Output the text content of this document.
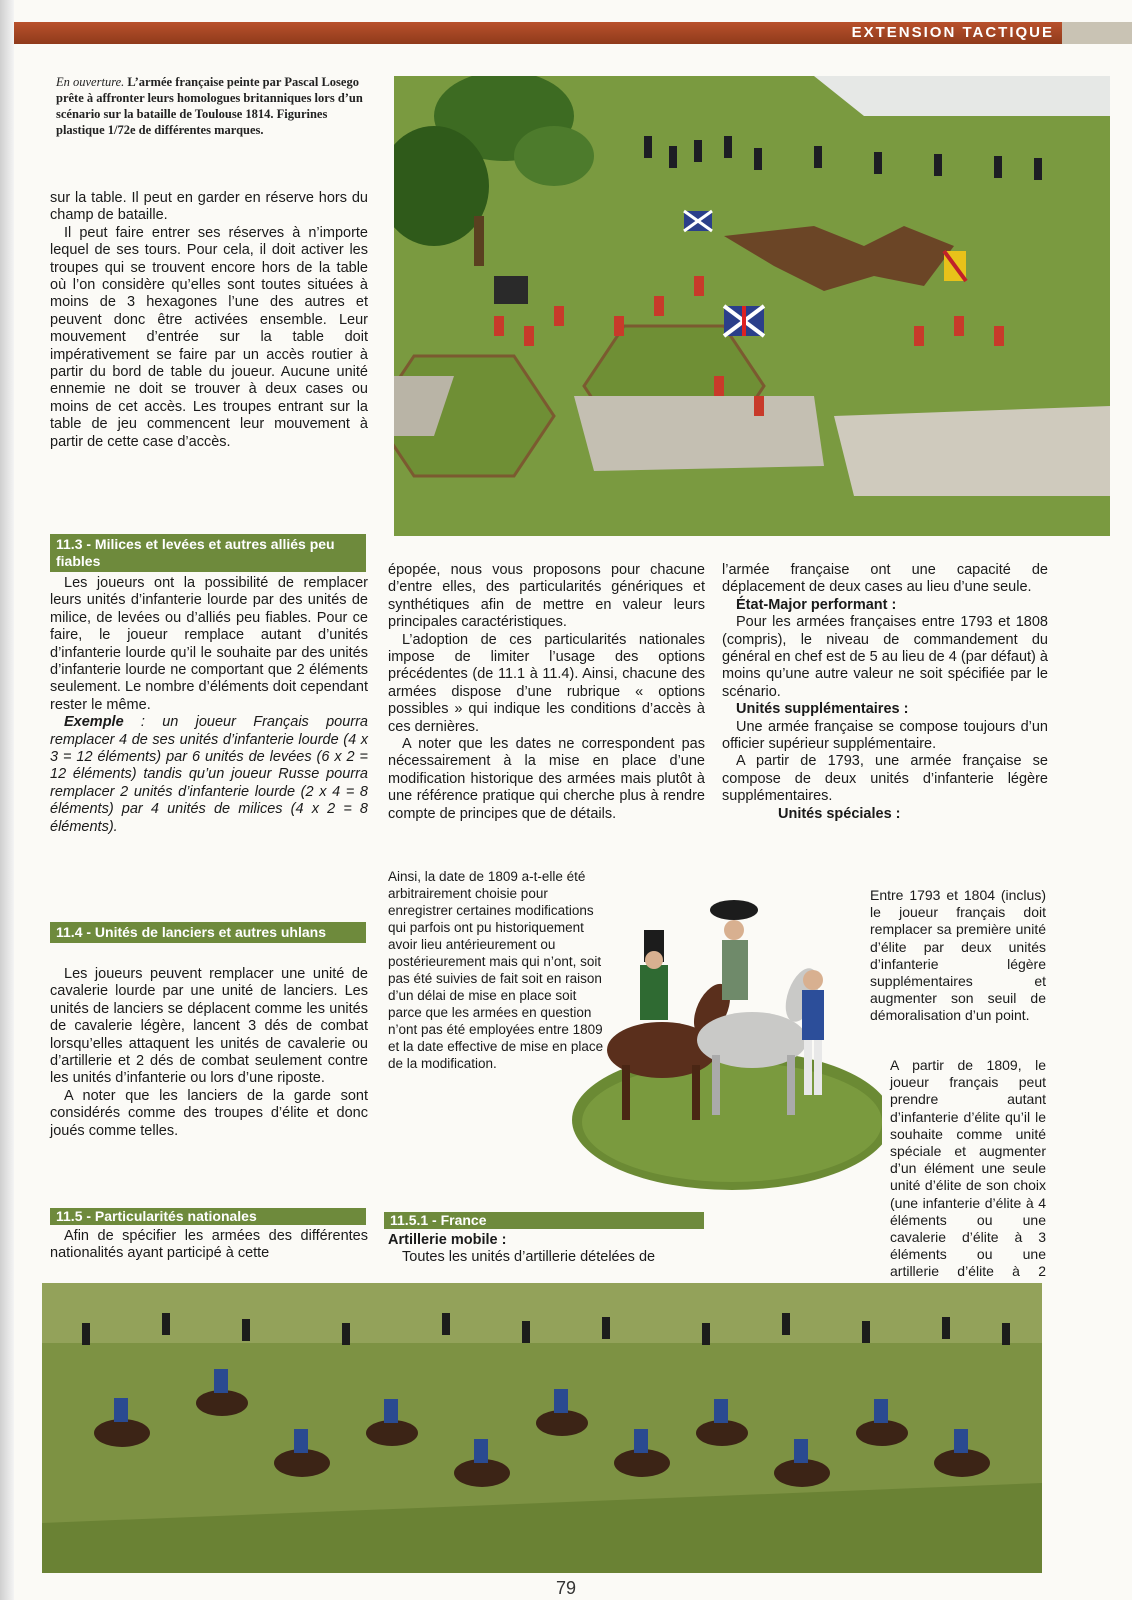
EXTENSION TACTIQUE
En ouverture. L’armée française peinte par Pascal Losego prête à affronter leurs homologues britanniques lors d’un scénario sur la bataille de Toulouse 1814. Figurines plastique 1/72e de différentes marques.

sur la table. Il peut en garder en réserve hors du champ de bataille.

Il peut faire entrer ses réserves à n’importe lequel de ses tours. Pour cela, il doit activer les troupes qui se trouvent encore hors de la table où l’on considère qu’elles sont toutes situées à moins de 3 hexagones l’une des autres et peuvent donc être activées ensemble. Leur mouvement d’entrée sur la table doit impérativement se faire par un accès routier à partir du bord de table du joueur. Aucune unité ennemie ne doit se trouver à deux cases ou moins de cet accès. Les troupes entrant sur la table de jeu commencent leur mouvement à partir de cette case d’accès.

11.3 - Milices et levées et autres alliés peu fiables

Les joueurs ont la possibilité de remplacer leurs unités d’infanterie lourde par des unités de milice, de levées ou d’alliés peu fiables. Pour ce faire, le joueur remplace autant d’unités d’infanterie lourde qu’il le souhaite par des unités d’infanterie lourde ne comportant que 2 éléments seulement. Le nombre d’éléments doit cependant rester le même.

Exemple : un joueur Français pourra remplacer 4 de ses unités d’infanterie lourde (4 x 3 = 12 éléments) par 6 unités de levées (6 x 2 = 12 éléments) tandis qu’un joueur Russe pourra remplacer 2 unités d’infanterie lourde (2 x 4 = 8 éléments) par 4 unités de milices (4 x 2 = 8 éléments).

11.4 - Unités de lanciers et autres uhlans

Les joueurs peuvent remplacer une unité de cavalerie lourde par une unité de lanciers. Les unités de lanciers se déplacent comme les unités de cavalerie légère, lancent 3 dés de combat lorsqu’elles attaquent les unités de cavalerie ou d’artillerie et 2 dés de combat seulement contre les unités d’infanterie ou lors d’une riposte.

A noter que les lanciers de la garde sont considérés comme des troupes d’élite et donc joués comme telles.

11.5 - Particularités nationales

Afin de spécifier les armées des différentes nationalités ayant participé à cette

épopée, nous vous proposons pour chacune d’entre elles, des particularités génériques et synthétiques afin de mettre en valeur leurs principales caractéristiques.

L’adoption de ces particularités nationales impose de limiter l’usage des options précédentes (de 11.1 à 11.4). Ainsi, chacune des armées dispose d’une rubrique « options possibles » qui indique les conditions d’accès à ces dernières.

A noter que les dates ne correspondent pas nécessairement à la mise en place d’une modification historique des armées mais plutôt à une référence pratique qui cherche plus à rendre compte de principes que de détails.

Ainsi, la date de 1809 a-t-elle été arbitrairement choisie pour enregistrer certaines modifications qui parfois ont pu historiquement avoir lieu antérieurement ou postérieurement mais qui n’ont, soit pas été suivies de fait soit en raison d’un délai de mise en place soit parce que les armées en question n’ont pas été employées entre 1809 et la date effective de mise en place de la modification.

11.5.1 - France

Artillerie mobile :

Toutes les unités d’artillerie dételées de

l’armée française ont une capacité de déplacement de deux cases au lieu d’une seule.

État-Major performant :

Pour les armées françaises entre 1793 et 1808 (compris), le niveau de commandement du général en chef est de 5 au lieu de 4 (par défaut) à moins qu’une autre valeur ne soit spécifiée par le scénario.

Unités supplémentaires :

Une armée française se compose toujours d’un officier supérieur supplémentaire.

A partir de 1793, une armée française se compose de deux unités d’infanterie légère supplémentaires.

Unités spéciales :

Entre 1793 et 1804 (inclus) le joueur français doit remplacer sa première unité d’élite par deux unités d’infanterie légère supplémentaires et augmenter son seuil de démoralisation d’un point.

A partir de 1809, le joueur français peut prendre autant d’infanterie d’élite qu’il le souhaite comme unité spéciale et augmenter d’un élément une seule unité d’élite de son choix (une infanterie d’élite à 4 éléments ou une cavalerie d’élite à 3 éléments ou une artillerie d’élite à 2

79
